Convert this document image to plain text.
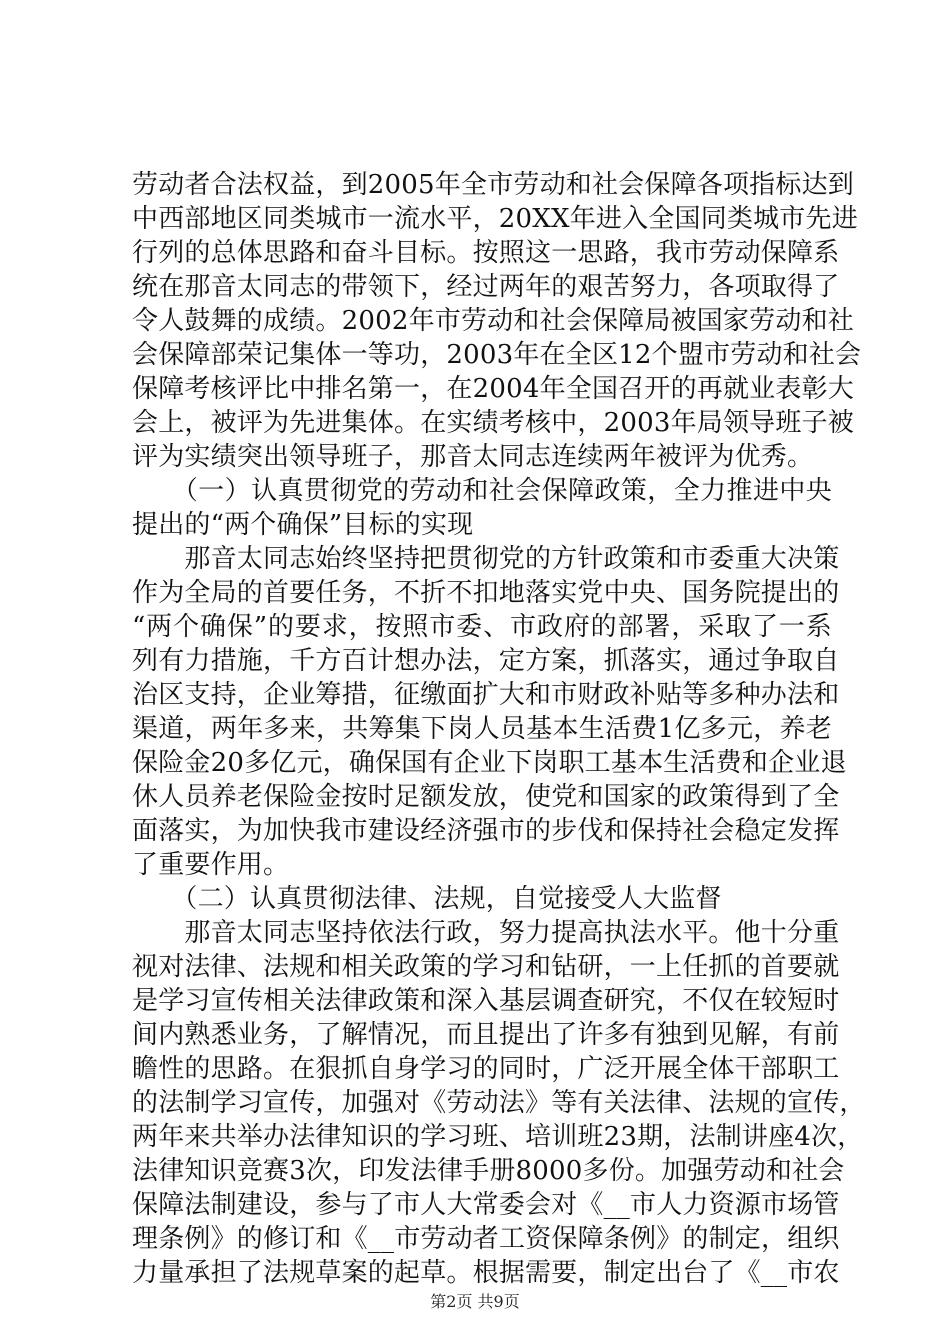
劳动者合法权益，到2005年全市劳动和社会保障各项指标达到
中西部地区同类城市一流水平，20XX年进入全国同类城市先进
行列的总体思路和奋斗目标。按照这一思路，我市劳动保障系
统在那音太同志的带领下，经过两年的艰苦努力，各项取得了
令人鼓舞的成绩。2002年市劳动和社会保障局被国家劳动和社
会保障部荣记集体一等功，2003年在全区12个盟市劳动和社会
保障考核评比中排名第一，在2004年全国召开的再就业表彰大
会上，被评为先进集体。在实绩考核中，2003年局领导班子被
评为实绩突出领导班子，那音太同志连续两年被评为优秀。
　　（一）认真贯彻党的劳动和社会保障政策，全力推进中央
提出的“两个确保”目标的实现
　　那音太同志始终坚持把贯彻党的方针政策和市委重大决策
作为全局的首要任务，不折不扣地落实党中央、国务院提出的
“两个确保”的要求，按照市委、市政府的部署，采取了一系
列有力措施，千方百计想办法，定方案，抓落实，通过争取自
治区支持，企业筹措，征缴面扩大和市财政补贴等多种办法和
渠道，两年多来，共筹集下岗人员基本生活费1亿多元，养老
保险金20多亿元，确保国有企业下岗职工基本生活费和企业退
休人员养老保险金按时足额发放，使党和国家的政策得到了全
面落实，为加快我市建设经济强市的步伐和保持社会稳定发挥
了重要作用。
　　（二）认真贯彻法律、法规，自觉接受人大监督
　　那音太同志坚持依法行政，努力提高执法水平。他十分重
视对法律、法规和相关政策的学习和钻研，一上任抓的首要就
是学习宣传相关法律政策和深入基层调查研究，不仅在较短时
间内熟悉业务，了解情况，而且提出了许多有独到见解，有前
瞻性的思路。在狠抓自身学习的同时，广泛开展全体干部职工
的法制学习宣传，加强对《劳动法》等有关法律、法规的宣传，
两年来共举办法律知识的学习班、培训班23期，法制讲座4次，
法律知识竞赛3次，印发法律手册8000多份。加强劳动和社会
保障法制建设，参与了市人大常委会对《__市人力资源市场管
理条例》的修订和《__市劳动者工资保障条例》的制定，组织
力量承担了法规草案的起草。根据需要，制定出台了《__市农
第2页 共9页
